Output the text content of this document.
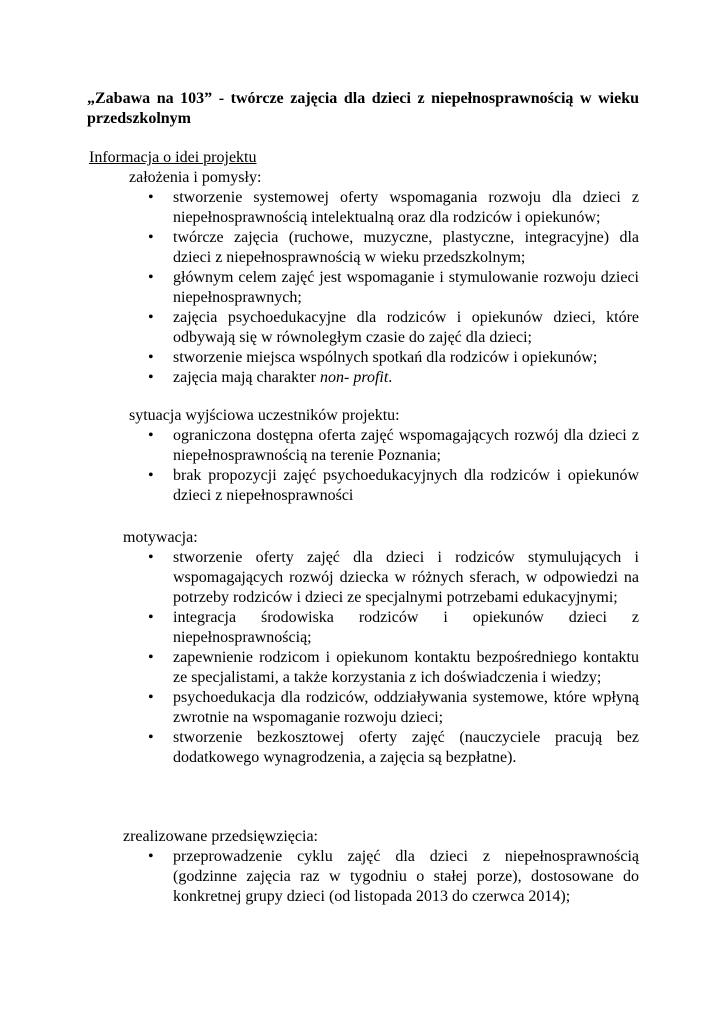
„Zabawa na 103” - twórcze zajęcia dla dzieci z niepełnosprawnością w wieku przedszkolnym

Informacja o idei projektu

założenia i pomysły:

•	stworzenie systemowej oferty wspomagania rozwoju dla dzieci z niepełnosprawnością intelektualną oraz dla rodziców i opiekunów;
•	twórcze zajęcia (ruchowe, muzyczne, plastyczne, integracyjne) dla dzieci z niepełnosprawnością w wieku przedszkolnym;
•	głównym celem zajęć jest wspomaganie i stymulowanie rozwoju dzieci niepełnosprawnych;
•	zajęcia psychoedukacyjne dla rodziców i opiekunów dzieci, które odbywają się w równoległym czasie do zajęć dla dzieci;
•	stworzenie miejsca wspólnych spotkań dla rodziców i opiekunów;
•	zajęcia mają charakter non- profit.

sytuacja wyjściowa uczestników projektu:

•	ograniczona dostępna oferta zajęć wspomagających rozwój dla dzieci z niepełnosprawnością na terenie Poznania;
•	brak propozycji zajęć psychoedukacyjnych dla rodziców i opiekunów dzieci z niepełnosprawności

motywacja:

•	stworzenie oferty zajęć dla dzieci i rodziców stymulujących i wspomagających rozwój dziecka w różnych sferach, w odpowiedzi na potrzeby rodziców i dzieci ze specjalnymi potrzebami edukacyjnymi;
•	integracja środowiska rodziców i opiekunów dzieci z niepełnosprawnością;
•	zapewnienie rodzicom i opiekunom kontaktu bezpośredniego kontaktu ze specjalistami, a także korzystania z ich doświadczenia i wiedzy;
•	psychoedukacja dla rodziców, oddziaływania systemowe, które wpłyną zwrotnie na wspomaganie rozwoju dzieci;
•	stworzenie bezkosztowej oferty zajęć (nauczyciele pracują bez dodatkowego wynagrodzenia, a zajęcia są bezpłatne).

zrealizowane przedsięwzięcia:

•	przeprowadzenie cyklu zajęć dla dzieci z niepełnosprawnością (godzinne zajęcia raz w tygodniu o stałej porze), dostosowane do konkretnej grupy dzieci (od listopada 2013 do czerwca 2014);
